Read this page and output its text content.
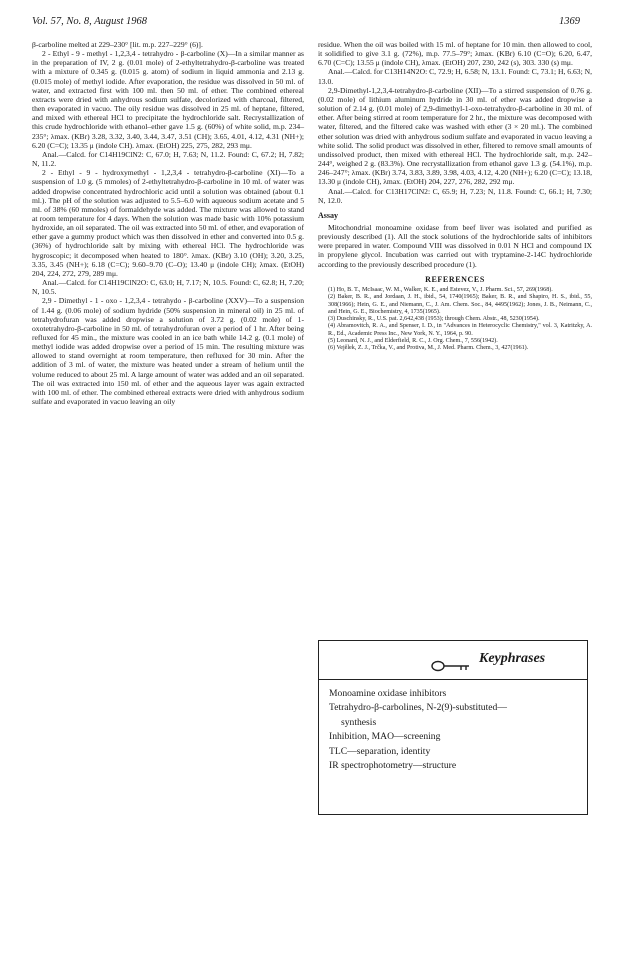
Vol. 57, No. 8, August 1968	1369

β-carboline melted at 229–230° [lit. m.p. 227–229° (6)].

2 - Ethyl - 9 - methyl - 1,2,3,4 - tetrahydro - β-carboline (X)—In a similar manner as in the preparation of IV, 2 g. (0.01 mole) of 2-ethyltetrahydro-β-carboline was treated with a mixture of 0.345 g. (0.015 g. atom) of sodium in liquid ammonia and 2.13 g. (0.015 mole) of methyl iodide. After evaporation, the residue was dissolved in 50 ml. of water, and extracted first with 100 ml. then 50 ml. of ether. The combined ethereal extracts were dried with anhydrous sodium sulfate, decolorized with charcoal, filtered, then evaporated in vacuo. The oily residue was dissolved in 25 ml. of heptane, filtered, and mixed with ethereal HCl to precipitate the hydrochloride salt. Recrystallization of this crude hydrochloride with ethanol–ether gave 1.5 g. (60%) of white solid, m.p. 234–235°; λmax. (KBr) 3.28, 3.32, 3.40, 3.44, 3.47, 3.51 (CH); 3.65, 4.01, 4.12, 4.31 (NH+); 6.20 (C=C); 13.35 μ (indole CH). λmax. (EtOH) 225, 275, 282, 293 mμ.

Anal.—Calcd. for C14H19ClN2: C, 67.0; H, 7.63; N, 11.2. Found: C, 67.2; H, 7.82; N, 11.2.

2 - Ethyl - 9 - hydroxymethyl - 1,2,3,4 - tetrahydro-β-carboline (XI)—To a suspension of 1.0 g. (5 mmoles) of 2-ethyltetrahydro-β-carboline in 10 ml. of water was added dropwise concentrated hydrochloric acid until a solution was obtained (about 0.1 ml.). The pH of the solution was adjusted to 5.5–6.0 with aqueous sodium acetate and 5 ml. of 38% (60 mmoles) of formaldehyde was added. The mixture was allowed to stand at room temperature for 4 days. When the solution was made basic with 10% potassium hydroxide, an oil separated. The oil was extracted into 50 ml. of ether, and evaporation of ether gave a gummy product which was then dissolved in ether and converted into 0.5 g. (36%) of hydrochloride salt by mixing with ethereal HCl. The hydrochloride was hygroscopic; it decomposed when heated to 180°. λmax. (KBr) 3.10 (OH); 3.20, 3.25, 3.35, 3.45 (NH+); 6.18 (C=C); 9.60–9.70 (C–O); 13.40 μ (indole CH); λmax. (EtOH) 204, 224, 272, 279, 289 mμ.

Anal.—Calcd. for C14H19ClN2O: C, 63.0; H, 7.17; N, 10.5. Found: C, 62.8; H, 7.20; N, 10.5.

2,9 - Dimethyl - 1 - oxo - 1,2,3,4 - tetrahydo - β-carboline (XXV)—To a suspension of 1.44 g. (0.06 mole) of sodium hydride (50% suspension in mineral oil) in 25 ml. of tetrahydrofuran was added dropwise a solution of 3.72 g. (0.02 mole) of 1-oxotetrahydro-β-carboline in 50 ml. of tetrahydrofuran over a period of 1 hr. After being refluxed for 45 min., the mixture was cooled in an ice bath while 14.2 g. (0.1 mole) of methyl iodide was added dropwise over a period of 15 min. The resulting mixture was allowed to stand overnight at room temperature, then refluxed for 30 min. After the addition of 3 ml. of water, the mixture was heated under a stream of helium until the volume reduced to about 25 ml. A large amount of water was added and an oil separated. The oil was extracted into 150 ml. of ether and the aqueous layer was again extracted with 100 ml. of ether. The combined ethereal extracts were dried with anhydrous sodium sulfate and evaporated in vacuo leaving an oily

residue. When the oil was boiled with 15 ml. of heptane for 10 min. then allowed to cool, it solidified to give 3.1 g. (72%), m.p. 77.5–79°; λmax. (KBr) 6.10 (C=O); 6.20, 6.47, 6.70 (C=C); 13.55 μ (indole CH), λmax. (EtOH) 207, 230, 242 (s), 303. 330 (s) mμ.

Anal.—Calcd. for C13H14N2O: C, 72.9; H, 6.58; N, 13.1. Found: C, 73.1; H, 6.63; N, 13.0.

2,9-Dimethyl-1,2,3,4-tetrahydro-β-carboline (XII)—To a stirred suspension of 0.76 g. (0.02 mole) of lithium aluminum hydride in 30 ml. of ether was added dropwise a solution of 2.14 g. (0.01 mole) of 2,9-dimethyl-1-oxo-tetrahydro-β-carboline in 30 ml. of ether. After being stirred at room temperature for 2 hr., the mixture was decomposed with water, filtered, and the filtered cake was washed with ether (3 × 20 ml.). The combined ether solution was dried with anhydrous sodium sulfate and evaporated in vacuo leaving a white solid. The solid product was dissolved in ether, filtered to remove small amounts of undissolved product, then mixed with ethereal HCl. The hydrochloride salt, m.p. 242–244°, weighed 2 g. (83.3%). One recrystallization from ethanol gave 1.3 g. (54.1%), m.p. 246–247°; λmax. (KBr) 3.74, 3.83, 3.89, 3.98, 4.03, 4.12, 4.20 (NH+); 6.20 (C=C); 13.18, 13.30 μ (indole CH), λmax. (EtOH) 204, 227, 276, 282, 292 mμ.

Anal.—Calcd. for C13H17ClN2: C, 65.9; H, 7.23; N, 11.8. Found: C, 66.1; H, 7.30; N, 12.0.

Assay

Mitochondrial monoamine oxidase from beef liver was isolated and purified as previously described (1). All the stock solutions of the hydrochloride salts of inhibitors were prepared in water. Compound VIII was dissolved in 0.01 N HCl and compound IX in propylene glycol. Incubation was carried out with tryptamine-2-14C hydrochloride according to the previously described procedure (1).

REFERENCES

(1) Ho, B. T., McIsaac, W. M., Walker, K. E., and Estevez, V., J. Pharm. Sci., 57, 269(1968).

(2) Baker, B. R., and Jordaan, J. H., ibid., 54, 1740(1965); Baker, B. R., and Shapiro, H. S., ibid., 55, 308(1966); Hein, G. E., and Niemann, C., J. Am. Chem. Soc., 84, 4495(1962); Jones, J. B., Neimann, C., and Hein, G. E., Biochemistry, 4, 1735(1965).

(3) Duschinsky, R., U.S. pat. 2,642,438 (1953); through Chem. Abstr., 48, 5230(1954).

(4) Abramovitch, R. A., and Spenser, I. D., in "Advances in Heterocyclic Chemistry," vol. 3, Katritzky, A. R., Ed., Academic Press Inc., New York, N. Y., 1964, p. 90.

(5) Leonard, N. J., and Elderfield, R. C., J. Org. Chem., 7, 556(1942).

(6) Vejělek, Z. J., Trčka, V., and Protiva, M., J. Med. Pharm. Chem., 3, 427(1961).

Keyphrases
Monoamine oxidase inhibitors
Tetrahydro-β-carbolines, N-2(9)-substituted—
synthesis
Inhibition, MAO—screening
TLC—separation, identity
IR spectrophotometry—structure
